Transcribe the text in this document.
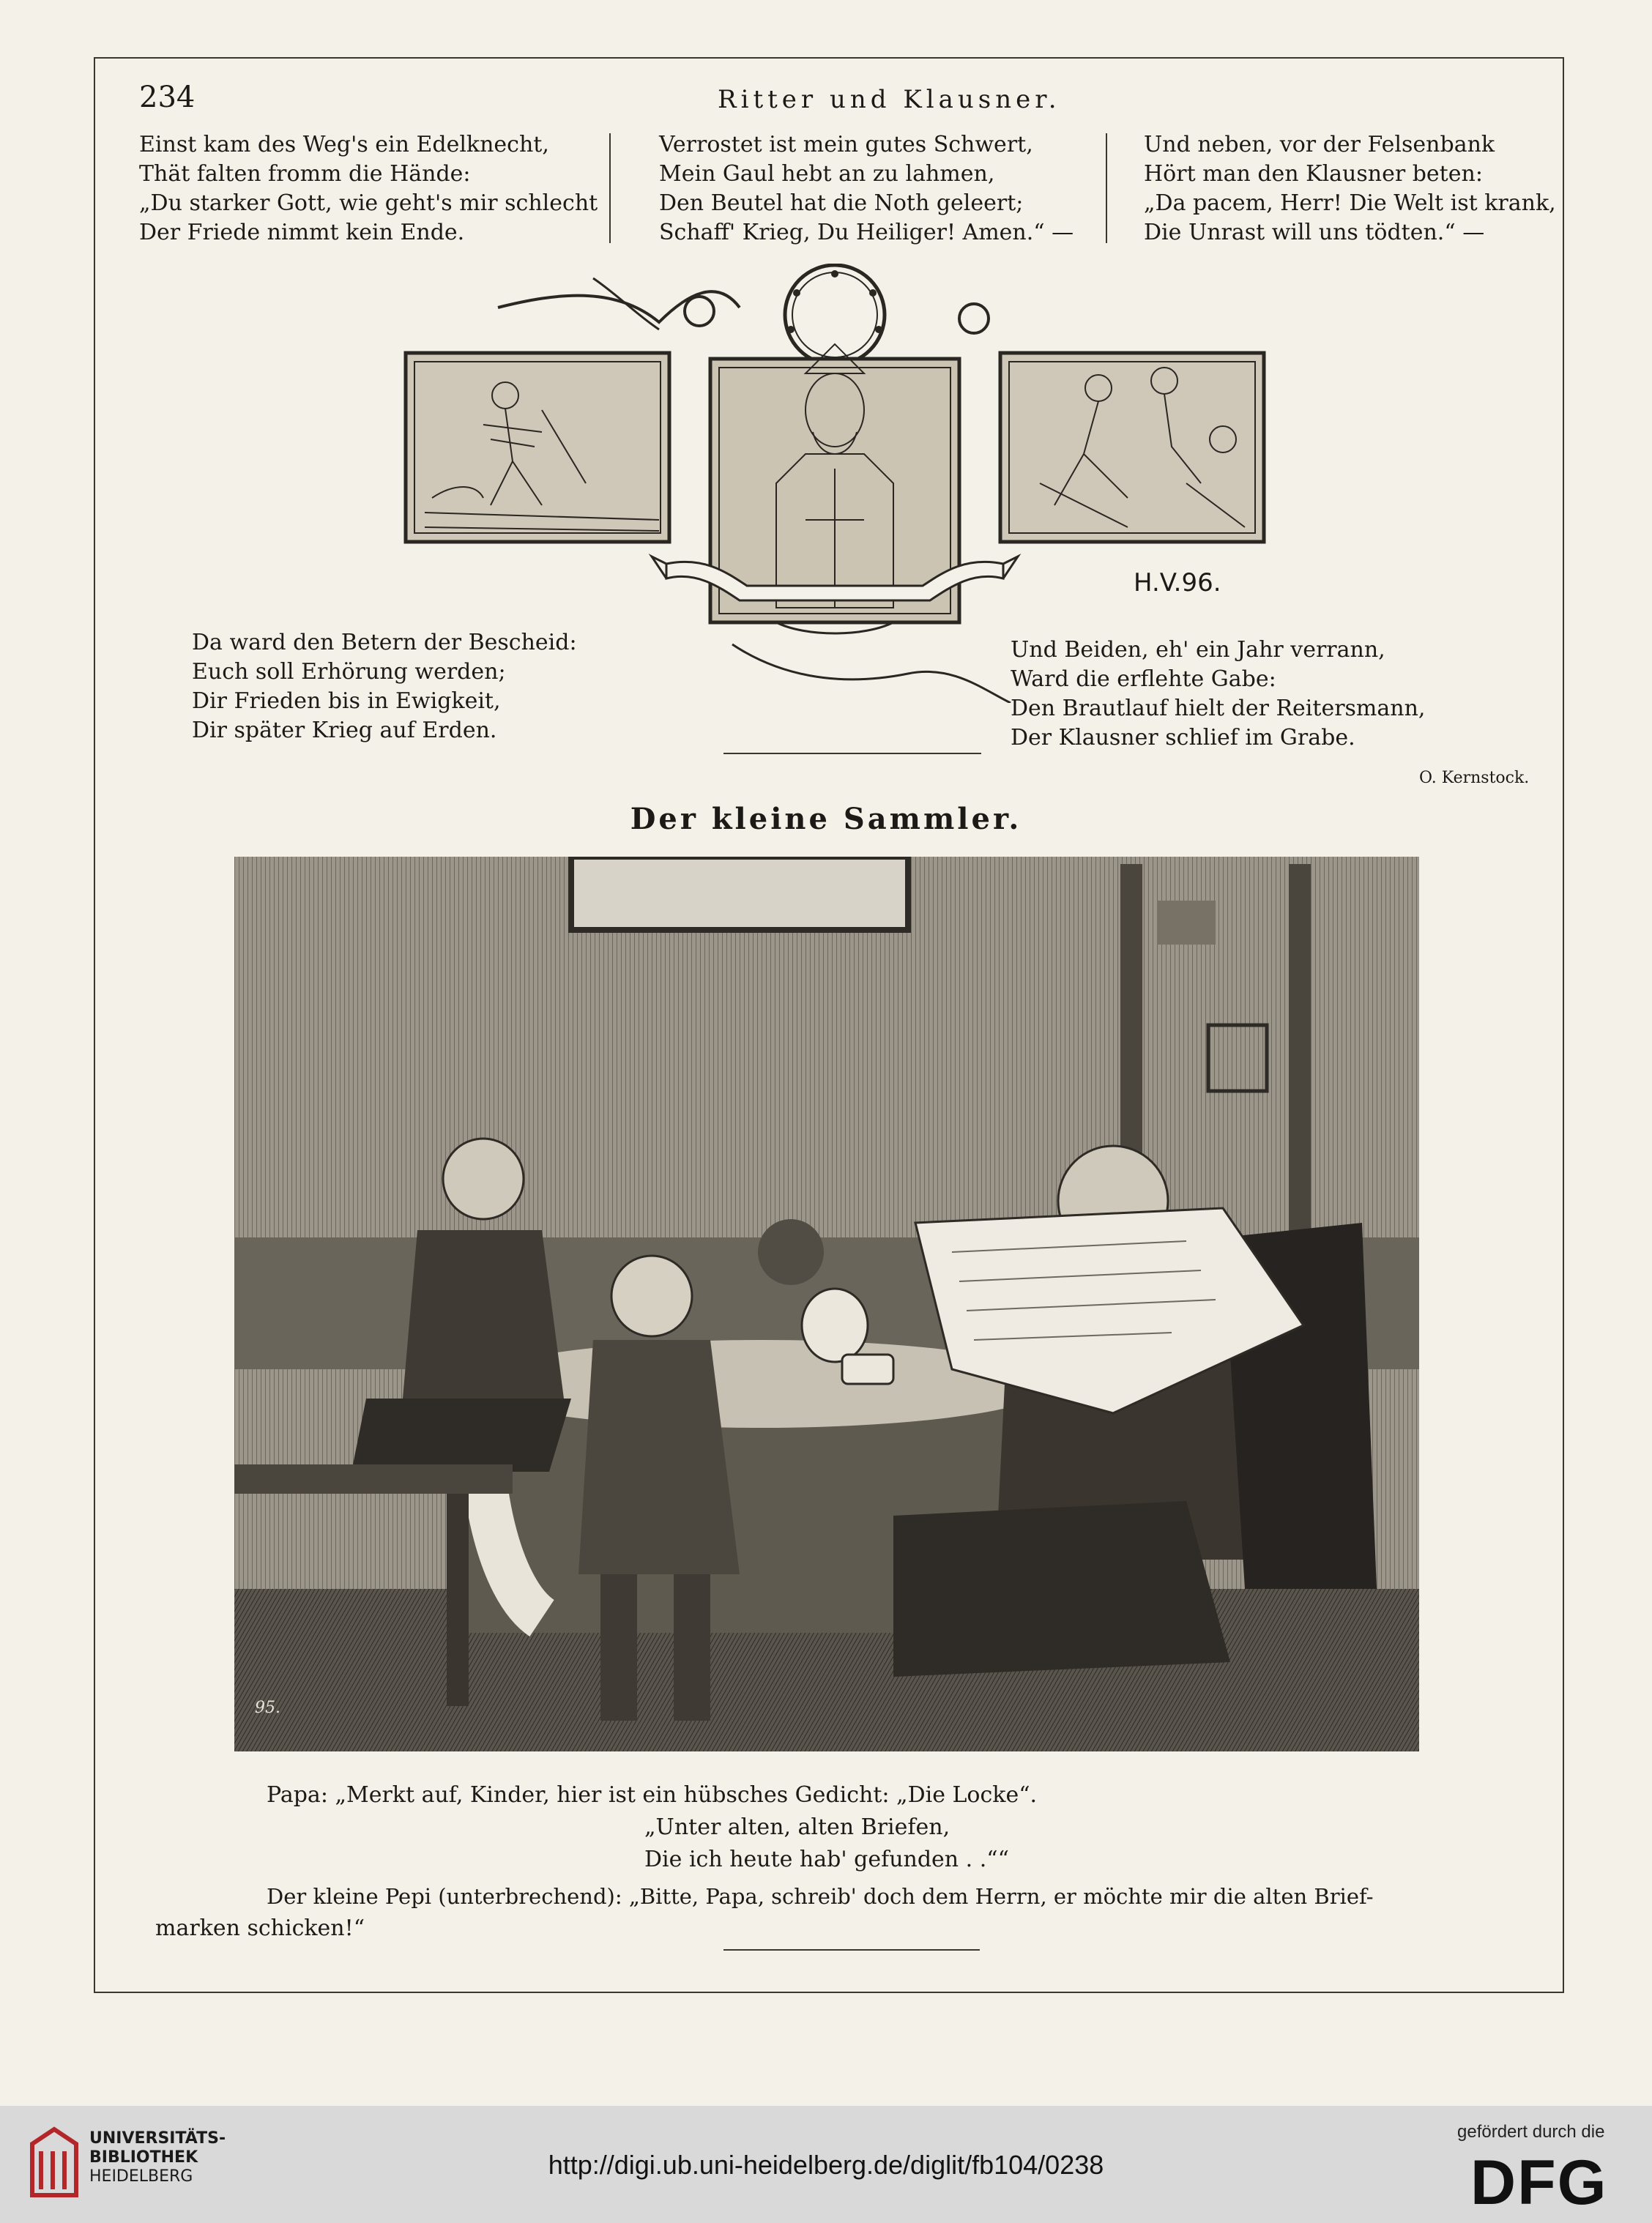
234	Ritter und Klausner.
Einst kam des Weg's ein Edelknecht,
Thät falten fromm die Hände:
„Du starker Gott, wie geht's mir schlecht
Der Friede nimmt kein Ende.
Verrostet ist mein gutes Schwert,
Mein Gaul hebt an zu lahmen,
Den Beutel hat die Noth geleert;
Schaff' Krieg, Du Heiliger! Amen.“ —
Und neben, vor der Felsenbank
Hört man den Klausner beten:
„Da pacem, Herr! Die Welt ist krank,
Die Unrast will uns tödten.“ —
H.V.96.
Da ward den Betern der Bescheid:
Euch soll Erhörung werden;
Dir Frieden bis in Ewigkeit,
Dir später Krieg auf Erden.
Und Beiden, eh' ein Jahr verrann,
Ward die erflehte Gabe:
Den Brautlauf hielt der Reitersmann,
Der Klausner schlief im Grabe.
O. Kernstock.
Der kleine Sammler.
95.
Papa: „Merkt auf, Kinder, hier ist ein hübsches Gedicht: „Die Locke“.
„Unter alten, alten Briefen,
Die ich heute hab' gefunden . .““
Der kleine Pepi (unterbrechend): „Bitte, Papa, schreib' doch dem Herrn, er möchte mir die alten Brief-
marken schicken!“
UNIVERSITÄTS-
BIBLIOTHEK
HEIDELBERG	http://digi.ub.uni-heidelberg.de/diglit/fb104/0238
gefördert durch die
DFG
